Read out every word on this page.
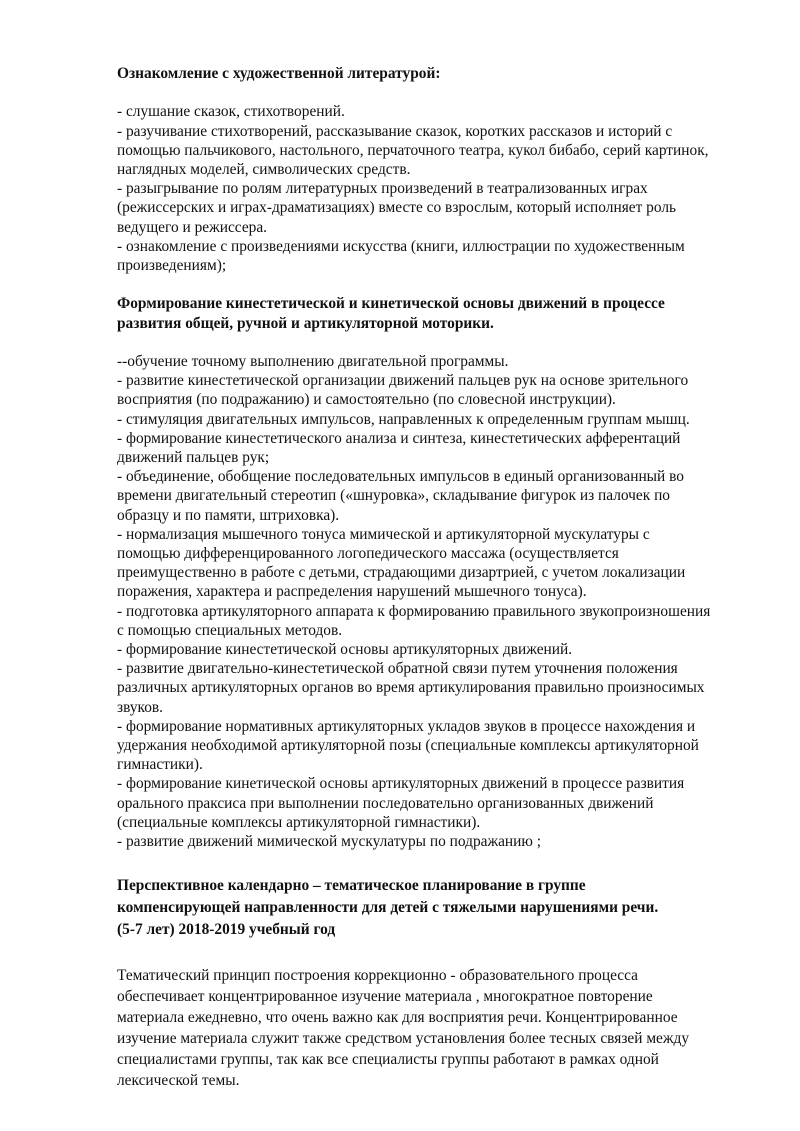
Ознакомление с художественной литературой:

- слушание сказок, стихотворений.

- разучивание стихотворений, рассказывание сказок, коротких рассказов и историй с
помощью пальчикового, настольного, перчаточного театра, кукол бибабо, серий картинок,
наглядных моделей, символических средств.

- разыгрывание по ролям литературных произведений в театрализованных играх
(режиссерских и играх-драматизациях) вместе со взрослым, который исполняет роль
ведущего и режиссера.

- ознакомление с произведениями искусства (книги, иллюстрации по художественным
произведениям);

Формирование кинестетической и кинетической основы движений в процессе
развития общей, ручной и артикуляторной моторики.

--обучение точному выполнению двигательной программы.

- развитие кинестетической организации движений пальцев рук на основе зрительного
восприятия (по подражанию) и самостоятельно (по словесной инструкции).

- стимуляция двигательных импульсов, направленных к определенным группам мышц.

- формирование кинестетического анализа и синтеза, кинестетических афферентаций
движений пальцев рук;

- объединение, обобщение последовательных импульсов в единый организованный во
времени двигательный стереотип («шнуровка», складывание фигурок из палочек по
образцу и по памяти, штриховка).

- нормализация мышечного тонуса мимической и артикуляторной мускулатуры с
помощью дифференцированного логопедического массажа (осуществляется
преимущественно в работе с детьми, страдающими дизартрией, с учетом локализации
поражения, характера и распределения нарушений мышечного тонуса).

- подготовка артикуляторного аппарата к формированию правильного звукопроизношения
с помощью специальных методов.

- формирование кинестетической основы артикуляторных движений.

- развитие двигательно-кинестетической обратной связи путем уточнения положения
различных артикуляторных органов во время артикулирования правильно произносимых
звуков.

- формирование нормативных артикуляторных укладов звуков в процессе нахождения и
удержания необходимой артикуляторной позы (специальные комплексы артикуляторной
гимнастики).

- формирование кинетической основы артикуляторных движений в процессе развития
орального праксиса при выполнении последовательно организованных движений
(специальные комплексы артикуляторной гимнастики).

- развитие движений мимической мускулатуры по подражанию ;

Перспективное календарно – тематическое планирование в группе
компенсирующей направленности для детей с тяжелыми нарушениями речи.
(5-7 лет) 2018-2019 учебный год

Тематический принцип построения коррекционно - образовательного процесса
обеспечивает концентрированное изучение материала , многократное повторение
материала ежедневно, что очень важно как для восприятия речи. Концентрированное
изучение материала служит также средством установления более тесных связей между
специалистами группы, так как все специалисты группы работают в рамках одной
лексической темы.
